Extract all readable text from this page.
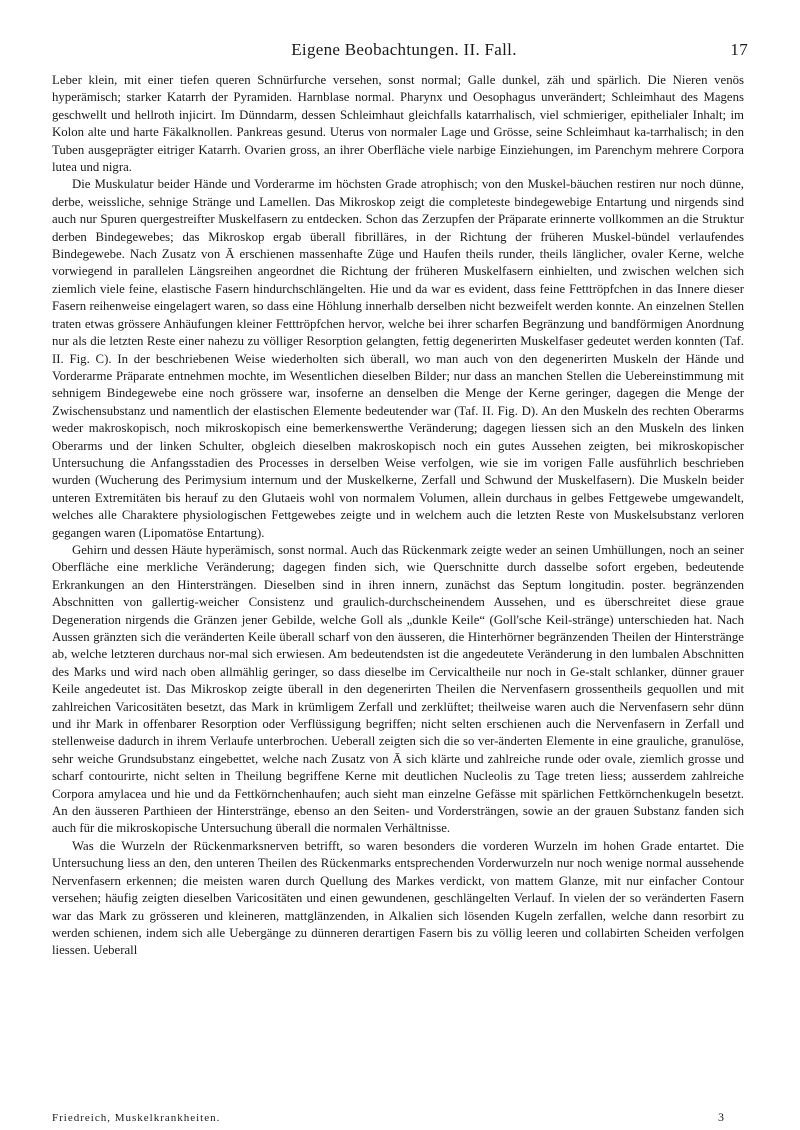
Eigene Beobachtungen. II. Fall.	17

Leber klein, mit einer tiefen queren Schnürfurche versehen, sonst normal; Galle dunkel, zäh und spärlich. Die Nieren venös hyperämisch; starker Katarrh der Pyramiden. Harnblase normal. Pharynx und Oesophagus unverändert; Schleimhaut des Magens geschwellt und hellroth injicirt. Im Dünndarm, dessen Schleimhaut gleichfalls katarrhalisch, viel schmieriger, epithelialer Inhalt; im Kolon alte und harte Fäkalknollen. Pankreas gesund. Uterus von normaler Lage und Grösse, seine Schleimhaut ka-tarrhalisch; in den Tuben ausgeprägter eitriger Katarrh. Ovarien gross, an ihrer Oberfläche viele narbige Einziehungen, im Parenchym mehrere Corpora lutea und nigra.

Die Muskulatur beider Hände und Vorderarme im höchsten Grade atrophisch; von den Muskel-bäuchen restiren nur noch dünne, derbe, weissliche, sehnige Stränge und Lamellen. Das Mikroskop zeigt die completeste bindegewebige Entartung und nirgends sind auch nur Spuren quergestreifter Muskelfasern zu entdecken. Schon das Zerzupfen der Präparate erinnerte vollkommen an die Struktur derben Bindegewebes; das Mikroskop ergab überall fibrilläres, in der Richtung der früheren Muskel-bündel verlaufendes Bindegewebe. Nach Zusatz von Ā erschienen massenhafte Züge und Haufen theils runder, theils länglicher, ovaler Kerne, welche vorwiegend in parallelen Längsreihen angeordnet die Richtung der früheren Muskelfasern einhielten, und zwischen welchen sich ziemlich viele feine, elastische Fasern hindurchschlängelten. Hie und da war es evident, dass feine Fetttröpfchen in das Innere dieser Fasern reihenweise eingelagert waren, so dass eine Höhlung innerhalb derselben nicht bezweifelt werden konnte. An einzelnen Stellen traten etwas grössere Anhäufungen kleiner Fetttröpfchen hervor, welche bei ihrer scharfen Begränzung und bandförmigen Anordnung nur als die letzten Reste einer nahezu zu völliger Resorption gelangten, fettig degenerirten Muskelfaser gedeutet werden konnten (Taf. II. Fig. C). In der beschriebenen Weise wiederholten sich überall, wo man auch von den degenerirten Muskeln der Hände und Vorderarme Präparate entnehmen mochte, im Wesentlichen dieselben Bilder; nur dass an manchen Stellen die Uebereinstimmung mit sehnigem Bindegewebe eine noch grössere war, insoferne an denselben die Menge der Kerne geringer, dagegen die Menge der Zwischensubstanz und namentlich der elastischen Elemente bedeutender war (Taf. II. Fig. D). An den Muskeln des rechten Oberarms weder makroskopisch, noch mikroskopisch eine bemerkenswerthe Veränderung; dagegen liessen sich an den Muskeln des linken Oberarms und der linken Schulter, obgleich dieselben makroskopisch noch ein gutes Aussehen zeigten, bei mikroskopischer Untersuchung die Anfangsstadien des Processes in derselben Weise verfolgen, wie sie im vorigen Falle ausführlich beschrieben wurden (Wucherung des Perimysium internum und der Muskelkerne, Zerfall und Schwund der Muskelfasern). Die Muskeln beider unteren Extremitäten bis herauf zu den Glutaeis wohl von normalem Volumen, allein durchaus in gelbes Fettgewebe umgewandelt, welches alle Charaktere physiologischen Fettgewebes zeigte und in welchem auch die letzten Reste von Muskelsubstanz verloren gegangen waren (Lipomatöse Entartung).

Gehirn und dessen Häute hyperämisch, sonst normal. Auch das Rückenmark zeigte weder an seinen Umhüllungen, noch an seiner Oberfläche eine merkliche Veränderung; dagegen finden sich, wie Querschnitte durch dasselbe sofort ergeben, bedeutende Erkrankungen an den Hintersträngen. Dieselben sind in ihren innern, zunächst das Septum longitudin. poster. begränzenden Abschnitten von gallertig-weicher Consistenz und graulich-durchscheinendem Aussehen, und es überschreitet diese graue Degeneration nirgends die Gränzen jener Gebilde, welche Goll als „dunkle Keile“ (Goll'sche Keil-stränge) unterschieden hat. Nach Aussen gränzten sich die veränderten Keile überall scharf von den äusseren, die Hinterhörner begränzenden Theilen der Hinterstränge ab, welche letzteren durchaus nor-mal sich erwiesen. Am bedeutendsten ist die angedeutete Veränderung in den lumbalen Abschnitten des Marks und wird nach oben allmählig geringer, so dass dieselbe im Cervicaltheile nur noch in Ge-stalt schlanker, dünner grauer Keile angedeutet ist. Das Mikroskop zeigte überall in den degenerirten Theilen die Nervenfasern grossentheils gequollen und mit zahlreichen Varicositäten besetzt, das Mark in krümligem Zerfall und zerklüftet; theilweise waren auch die Nervenfasern sehr dünn und ihr Mark in offenbarer Resorption oder Verflüssigung begriffen; nicht selten erschienen auch die Nervenfasern in Zerfall und stellenweise dadurch in ihrem Verlaufe unterbrochen. Ueberall zeigten sich die so ver-änderten Elemente in eine grauliche, granulöse, sehr weiche Grundsubstanz eingebettet, welche nach Zusatz von Ā sich klärte und zahlreiche runde oder ovale, ziemlich grosse und scharf contourirte, nicht selten in Theilung begriffene Kerne mit deutlichen Nucleolis zu Tage treten liess; ausserdem zahlreiche Corpora amylacea und hie und da Fettkörnchenhaufen; auch sieht man einzelne Gefässe mit spärlichen Fettkörnchenkugeln besetzt. An den äusseren Parthieen der Hinterstränge, ebenso an den Seiten- und Vordersträngen, sowie an der grauen Substanz fanden sich auch für die mikroskopische Untersuchung überall die normalen Verhältnisse.

Was die Wurzeln der Rückenmarksnerven betrifft, so waren besonders die vorderen Wurzeln im hohen Grade entartet. Die Untersuchung liess an den, den unteren Theilen des Rückenmarks entsprechenden Vorderwurzeln nur noch wenige normal aussehende Nervenfasern erkennen; die meisten waren durch Quellung des Markes verdickt, von mattem Glanze, mit nur einfacher Contour versehen; häufig zeigten dieselben Varicositäten und einen gewundenen, geschlängelten Verlauf. In vielen der so veränderten Fasern war das Mark zu grösseren und kleineren, mattglänzenden, in Alkalien sich lösenden Kugeln zerfallen, welche dann resorbirt zu werden schienen, indem sich alle Uebergänge zu dünneren derartigen Fasern bis zu völlig leeren und collabirten Scheiden verfolgen liessen. Ueberall

Friedreich, Muskelkrankheiten.	3
